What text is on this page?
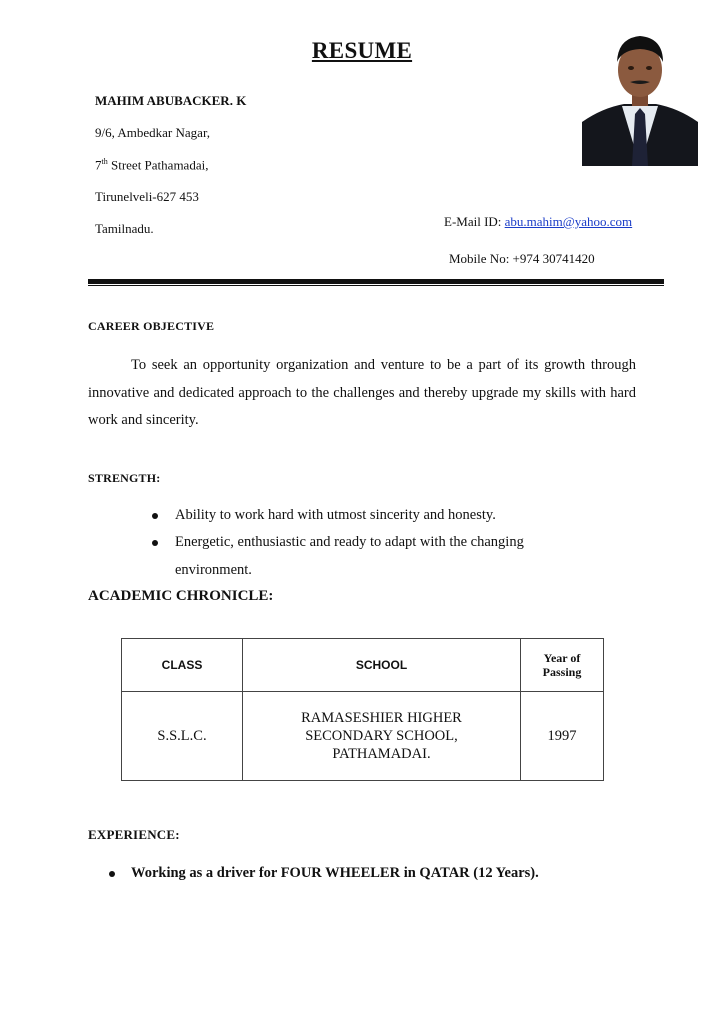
RESUME
MAHIM ABUBACKER. K
9/6, Ambedkar Nagar,
7th Street Pathamadai,
Tirunelveli-627 453
Tamilnadu.	E-Mail ID: abu.mahim@yahoo.com
Mobile No: +974 30741420
CAREER OBJECTIVE
To seek an opportunity organization and venture to be a part of its growth through innovative and dedicated approach to the challenges and thereby upgrade my skills with hard work and sincerity.
STRENGTH:
Ability to work hard with utmost sincerity and honesty.
Energetic, enthusiastic and ready to adapt with the changing
environment.
ACADEMIC CHRONICLE:
CLASS	SCHOOL	Year of
Passing
S.S.L.C.	RAMASESHIER HIGHER
SECONDARY SCHOOL,
PATHAMADAI.	1997
EXPERIENCE:
Working as a driver for FOUR WHEELER in QATAR (12 Years).
